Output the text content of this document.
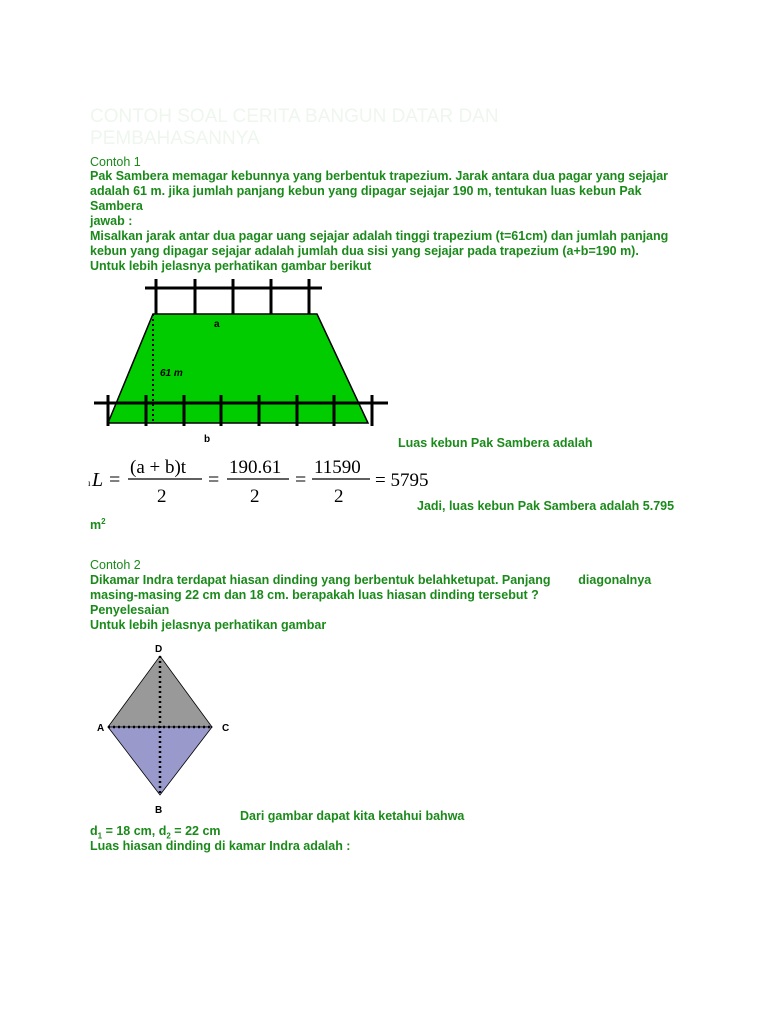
CONTOH SOAL CERITA BANGUN DATAR DAN PEMBAHASANNYA
Contoh 1
Pak Sambera memagar kebunnya yang berbentuk trapezium. Jarak antara dua pagar yang sejajar
adalah 61 m. jika jumlah panjang kebun yang dipagar sejajar 190 m, tentukan luas kebun Pak
Sambera
jawab :
Misalkan jarak antar dua pagar uang sejajar adalah tinggi trapezium (t=61cm) dan jumlah panjang
kebun yang dipagar sejajar adalah jumlah dua sisi yang sejajar pada trapezium (a+b=190 m).
Untuk lebih jelasnya perhatikan gambar berikut
a
61 m
b	Luas kebun Pak Sambera adalah
ı L =
(a + b)t
2
=
190.61
2
=
11590
2
= 5795
Jadi, luas kebun Pak Sambera adalah 5.795
$m^2$
Contoh 2
Dikamar Indra terdapat hiasan dinding yang berbentuk belahketupat. Panjang        diagonalnya
masing-masing 22 cm dan 18 cm. berapakah luas hiasan dinding tersebut ?
Penyelesaian
Untuk lebih jelasnya perhatikan gambar
D
A	C
B	Dari gambar dapat kita ketahui bahwa
$d_1 = 18$ cm, $d_2 = 22$ cm
Luas hiasan dinding di kamar Indra adalah :
